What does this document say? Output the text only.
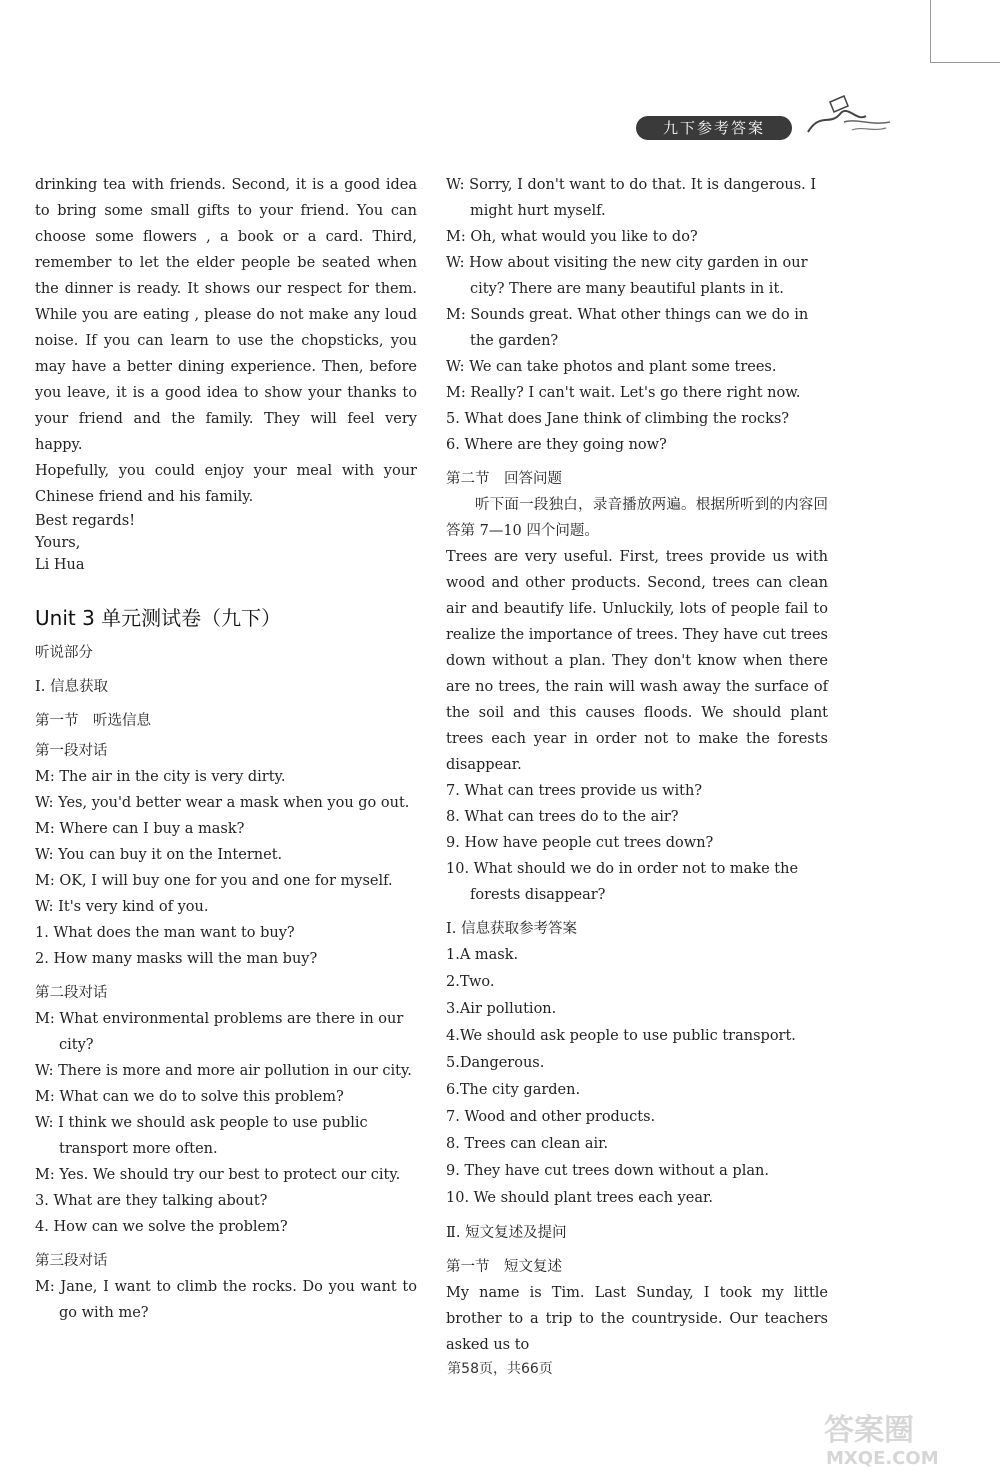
九下参考答案

drinking tea with friends. Second, it is a good idea to bring some small gifts to your friend. You can choose some flowers , a book or a card. Third, remember to let the elder people be seated when the dinner is ready. It shows our respect for them. While you are eating , please do not make any loud noise. If you can learn to use the chopsticks, you may have a better dining experience. Then, before you leave, it is a good idea to show your thanks to your friend and the family. They will feel very happy.

Hopefully, you could enjoy your meal with your Chinese friend and his family.

Best regards!

Yours,

Li Hua

Unit 3 单元测试卷（九下）

听说部分

Ⅰ. 信息获取

第一节　听选信息

第一段对话

M: The air in the city is very dirty.

W: Yes, you'd better wear a mask when you go out.

M: Where can I buy a mask?

W: You can buy it on the Internet.

M: OK, I will buy one for you and one for myself.

W: It's very kind of you.

1. What does the man want to buy?

2. How many masks will the man buy?

第二段对话

M: What environmental problems are there in our city?

W: There is more and more air pollution in our city.

M: What can we do to solve this problem?

W: I think we should ask people to use public transport more often.

M: Yes. We should try our best to protect our city.

3. What are they talking about?

4. How can we solve the problem?

第三段对话

M: Jane, I want to climb the rocks. Do you want to go with me?

W: Sorry, I don't want to do that. It is dangerous. I might hurt myself.

M: Oh, what would you like to do?

W: How about visiting the new city garden in our city? There are many beautiful plants in it.

M: Sounds great. What other things can we do in the garden?

W: We can take photos and plant some trees.

M: Really? I can't wait. Let's go there right now.

5. What does Jane think of climbing the rocks?

6. Where are they going now?

第二节　回答问题

听下面一段独白，录音播放两遍。根据所听到的内容回答第 7—10 四个问题。

Trees are very useful. First, trees provide us with wood and other products. Second, trees can clean air and beautify life. Unluckily, lots of people fail to realize the importance of trees. They have cut trees down without a plan. They don't know when there are no trees, the rain will wash away the surface of the soil and this causes floods. We should plant trees each year in order not to make the forests disappear.

7. What can trees provide us with?

8. What can trees do to the air?

9. How have people cut trees down?

10. What should we do in order not to make the forests disappear?

Ⅰ. 信息获取参考答案

1.A mask.

2.Two.

3.Air pollution.

4.We should ask people to use public transport.

5.Dangerous.

6.The city garden.

7. Wood and other products.

8. Trees can clean air.

9. They have cut trees down without a plan.

10. We should plant trees each year.

Ⅱ. 短文复述及提问

第一节　短文复述

My name is Tim. Last Sunday, I took my little brother to a trip to the countryside. Our teachers asked us to

第58页，共66页
答案圈
MXQE.COM
